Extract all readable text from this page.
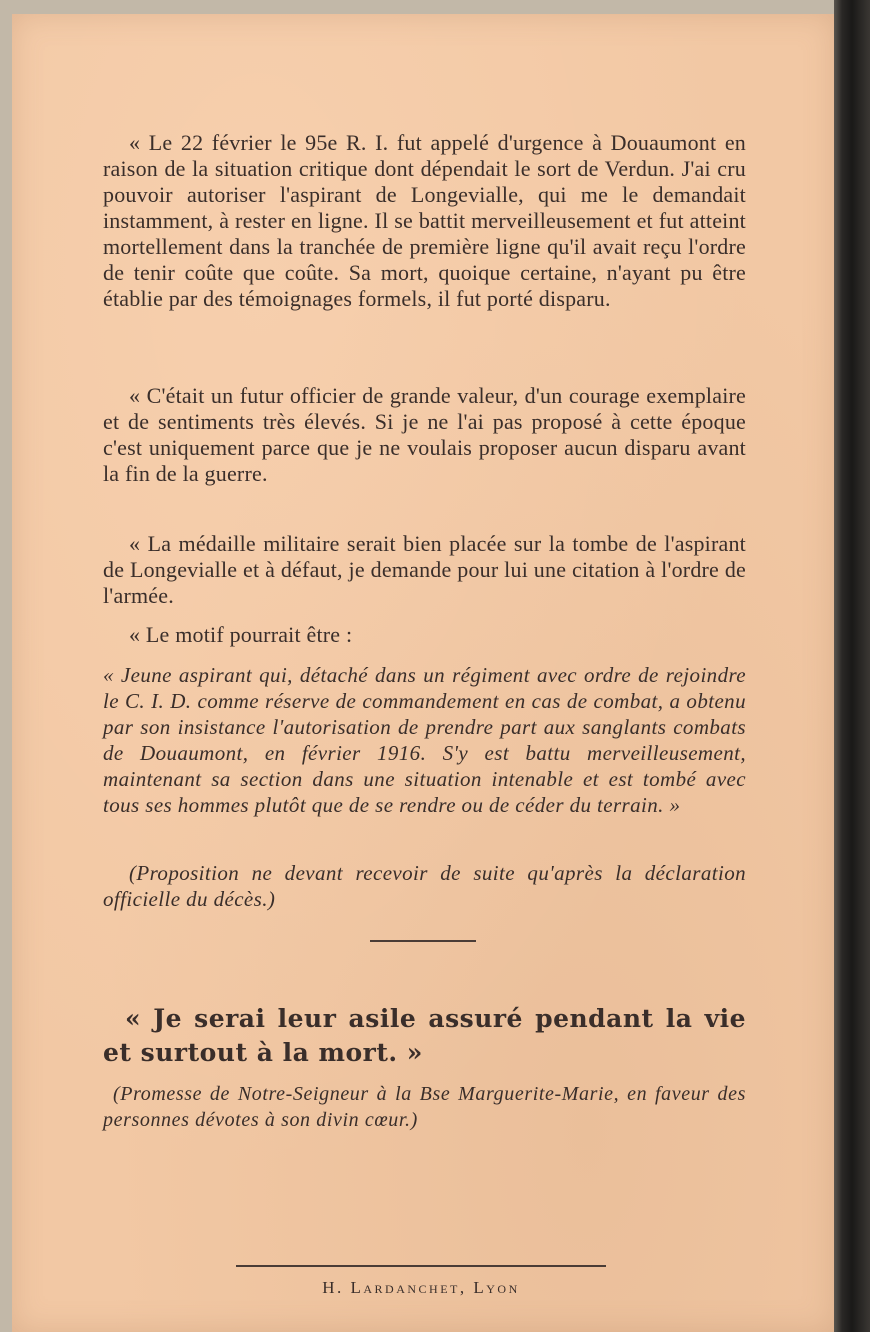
« Le 22 février le 95e R. I. fut appelé d'urgence à Douaumont en raison de la situation critique dont dépendait le sort de Verdun. J'ai cru pouvoir autoriser l'aspirant de Longevialle, qui me le demandait instamment, à rester en ligne. Il se battit merveilleusement et fut atteint mortellement dans la tranchée de première ligne qu'il avait reçu l'ordre de tenir coûte que coûte. Sa mort, quoique certaine, n'ayant pu être établie par des témoignages formels, il fut porté disparu.
« C'était un futur officier de grande valeur, d'un courage exemplaire et de sentiments très élevés. Si je ne l'ai pas proposé à cette époque c'est uniquement parce que je ne voulais proposer aucun disparu avant la fin de la guerre.
« La médaille militaire serait bien placée sur la tombe de l'aspirant de Longevialle et à défaut, je demande pour lui une citation à l'ordre de l'armée.
« Le motif pourrait être :
« Jeune aspirant qui, détaché dans un régiment avec ordre de rejoindre le C. I. D. comme réserve de commandement en cas de combat, a obtenu par son insistance l'autorisation de prendre part aux sanglants combats de Douaumont, en février 1916. S'y est battu merveilleusement, maintenant sa section dans une situation intenable et est tombé avec tous ses hommes plutôt que de se rendre ou de céder du terrain. »
(Proposition ne devant recevoir de suite qu'après la déclaration officielle du décès.)
« Je serai leur asile assuré pendant la vie et surtout à la mort. »
(Promesse de Notre-Seigneur à la Bse Marguerite-Marie, en faveur des personnes dévotes à son divin cœur.)
H. Lardanchet, Lyon
